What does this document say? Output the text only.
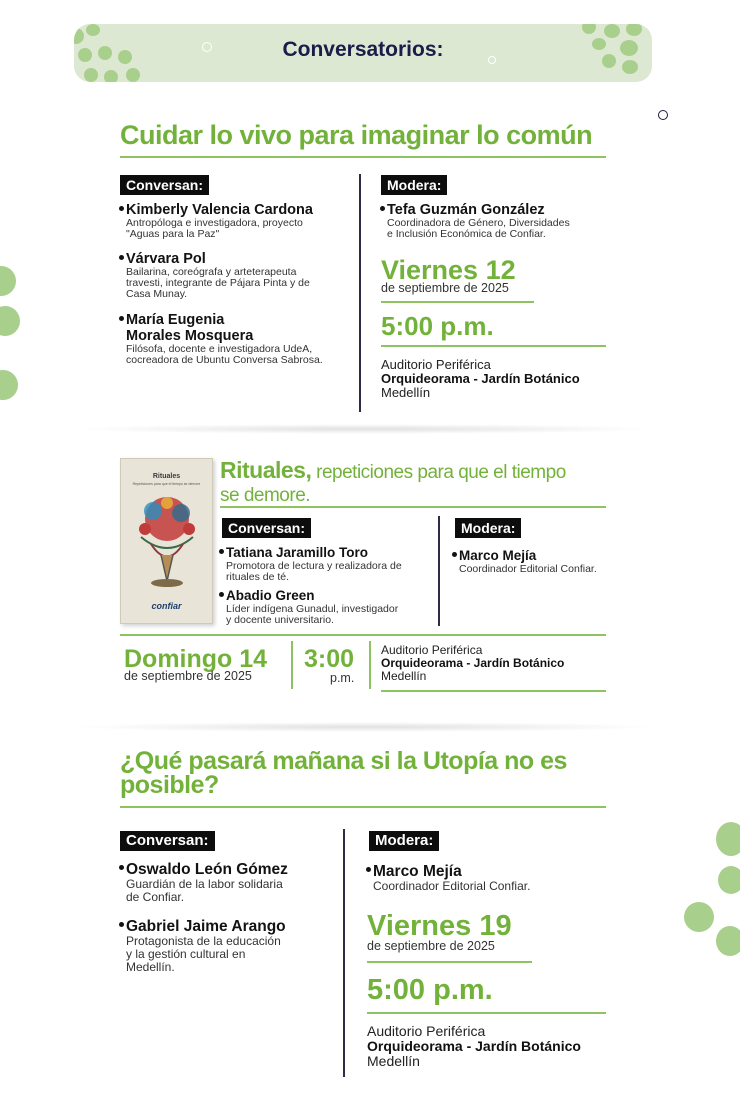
Conversatorios:
Cuidar lo vivo para imaginar lo común
Conversan:	Modera:
Kimberly Valencia Cardona
Antropóloga e investigadora, proyecto
"Aguas para la Paz"
Várvara Pol
Bailarina, coreógrafa y arteterapeuta
travesti, integrante de Pájara Pinta y de
Casa Munay.
María Eugenia
Morales Mosquera
Filósofa, docente e investigadora UdeA,
cocreadora de Ubuntu Conversa Sabrosa.
Tefa Guzmán González
Coordinadora de Género, Diversidades
e Inclusión Económica de Confiar.
Viernes 12
de septiembre de 2025
5:00 p.m.
Auditorio Periférica
Orquideorama - Jardín Botánico
Medellín
Rituales
Repeticiones para que el tiempo se demore
confiar
Rituales, repeticiones para que el tiempo
se demore.
Conversan:	Modera:
Tatiana Jaramillo Toro
Promotora de lectura y realizadora de
rituales de té.
Abadio Green
Líder indígena Gunadul, investigador
y docente universitario.
Marco Mejía
Coordinador Editorial Confiar.
Domingo 14
de septiembre de 2025
3:00
p.m.
Auditorio Periférica
Orquideorama - Jardín Botánico
Medellín
¿Qué pasará mañana si la Utopía no es
posible?
Conversan:	Modera:
Oswaldo León Gómez
Guardián de la labor solidaria
de Confiar.
Gabriel Jaime Arango
Protagonista de la educación
y la gestión cultural en
Medellín.
Marco Mejía
Coordinador Editorial Confiar.
Viernes 19
de septiembre de 2025
5:00 p.m.
Auditorio Periférica
Orquideorama - Jardín Botánico
Medellín
